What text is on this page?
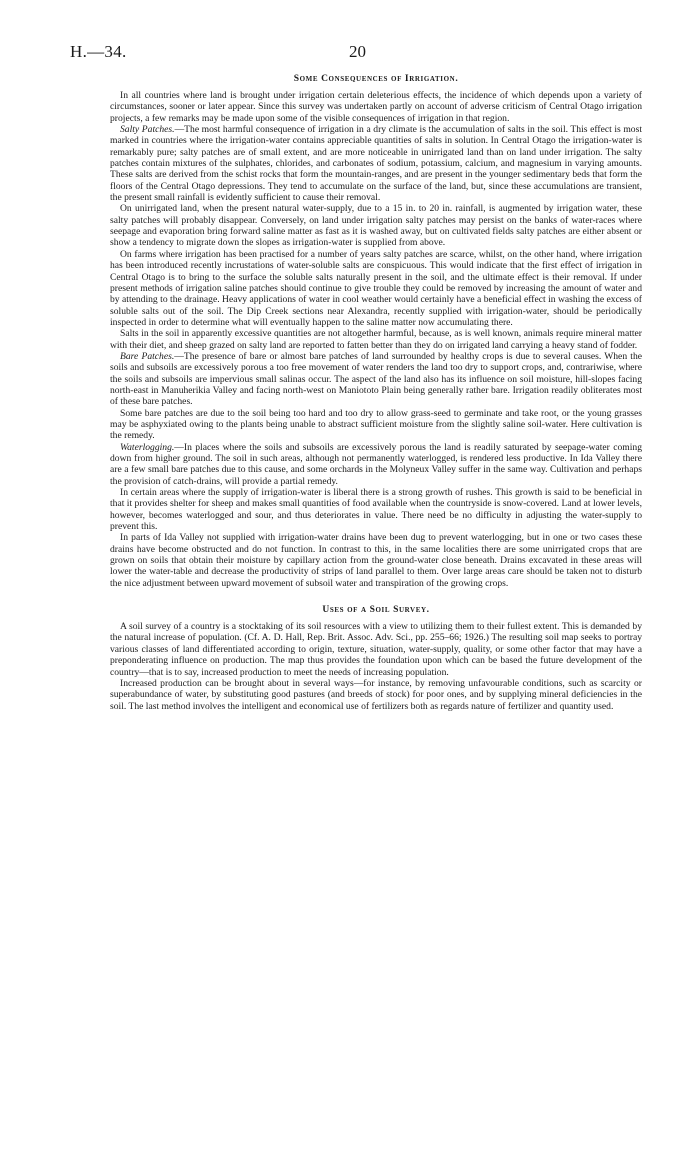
H.—34.	20
Some Consequences of Irrigation.

In all countries where land is brought under irrigation certain deleterious effects, the incidence of which depends upon a variety of circumstances, sooner or later appear. Since this survey was undertaken partly on account of adverse criticism of Central Otago irrigation projects, a few remarks may be made upon some of the visible consequences of irrigation in that region.

Salty Patches.—The most harmful consequence of irrigation in a dry climate is the accumulation of salts in the soil. This effect is most marked in countries where the irrigation-water contains appreciable quantities of salts in solution. In Central Otago the irrigation-water is remarkably pure; salty patches are of small extent, and are more noticeable in unirrigated land than on land under irrigation. The salty patches contain mixtures of the sulphates, chlorides, and carbonates of sodium, potassium, calcium, and magnesium in varying amounts. These salts are derived from the schist rocks that form the mountain-ranges, and are present in the younger sedimentary beds that form the floors of the Central Otago depressions. They tend to accumulate on the surface of the land, but, since these accumulations are transient, the present small rainfall is evidently sufficient to cause their removal.

On unirrigated land, when the present natural water-supply, due to a 15 in. to 20 in. rainfall, is augmented by irrigation water, these salty patches will probably disappear. Conversely, on land under irrigation salty patches may persist on the banks of water-races where seepage and evaporation bring forward saline matter as fast as it is washed away, but on cultivated fields salty patches are either absent or show a tendency to migrate down the slopes as irrigation-water is supplied from above.

On farms where irrigation has been practised for a number of years salty patches are scarce, whilst, on the other hand, where irrigation has been introduced recently incrustations of water-soluble salts are conspicuous. This would indicate that the first effect of irrigation in Central Otago is to bring to the surface the soluble salts naturally present in the soil, and the ultimate effect is their removal. If under present methods of irrigation saline patches should continue to give trouble they could be removed by increasing the amount of water and by attending to the drainage. Heavy applications of water in cool weather would certainly have a beneficial effect in washing the excess of soluble salts out of the soil. The Dip Creek sections near Alexandra, recently supplied with irrigation-water, should be periodically inspected in order to determine what will eventually happen to the saline matter now accumulating there.

Salts in the soil in apparently excessive quantities are not altogether harmful, because, as is well known, animals require mineral matter with their diet, and sheep grazed on salty land are reported to fatten better than they do on irrigated land carrying a heavy stand of fodder.

Bare Patches.—The presence of bare or almost bare patches of land surrounded by healthy crops is due to several causes. When the soils and subsoils are excessively porous a too free movement of water renders the land too dry to support crops, and, contrariwise, where the soils and subsoils are impervious small salinas occur. The aspect of the land also has its influence on soil moisture, hill-slopes facing north-east in Manuherikia Valley and facing north-west on Maniototo Plain being generally rather bare. Irrigation readily obliterates most of these bare patches.

Some bare patches are due to the soil being too hard and too dry to allow grass-seed to germinate and take root, or the young grasses may be asphyxiated owing to the plants being unable to abstract sufficient moisture from the slightly saline soil-water. Here cultivation is the remedy.

Waterlogging.—In places where the soils and subsoils are excessively porous the land is readily saturated by seepage-water coming down from higher ground. The soil in such areas, although not permanently waterlogged, is rendered less productive. In Ida Valley there are a few small bare patches due to this cause, and some orchards in the Molyneux Valley suffer in the same way. Cultivation and perhaps the provision of catch-drains, will provide a partial remedy.

In certain areas where the supply of irrigation-water is liberal there is a strong growth of rushes. This growth is said to be beneficial in that it provides shelter for sheep and makes small quantities of food available when the countryside is snow-covered. Land at lower levels, however, becomes waterlogged and sour, and thus deteriorates in value. There need be no difficulty in adjusting the water-supply to prevent this.

In parts of Ida Valley not supplied with irrigation-water drains have been dug to prevent waterlogging, but in one or two cases these drains have become obstructed and do not function. In contrast to this, in the same localities there are some unirrigated crops that are grown on soils that obtain their moisture by capillary action from the ground-water close beneath. Drains excavated in these areas will lower the water-table and decrease the productivity of strips of land parallel to them. Over large areas care should be taken not to disturb the nice adjustment between upward movement of subsoil water and transpiration of the growing crops.

Uses of a Soil Survey.

A soil survey of a country is a stocktaking of its soil resources with a view to utilizing them to their fullest extent. This is demanded by the natural increase of population. (Cf. A. D. Hall, Rep. Brit. Assoc. Adv. Sci., pp. 255–66; 1926.) The resulting soil map seeks to portray various classes of land differentiated according to origin, texture, situation, water-supply, quality, or some other factor that may have a preponderating influence on production. The map thus provides the foundation upon which can be based the future development of the country—that is to say, increased production to meet the needs of increasing population.

Increased production can be brought about in several ways—for instance, by removing unfavourable conditions, such as scarcity or superabundance of water, by substituting good pastures (and breeds of stock) for poor ones, and by supplying mineral deficiencies in the soil. The last method involves the intelligent and economical use of fertilizers both as regards nature of fertilizer and quantity used.
